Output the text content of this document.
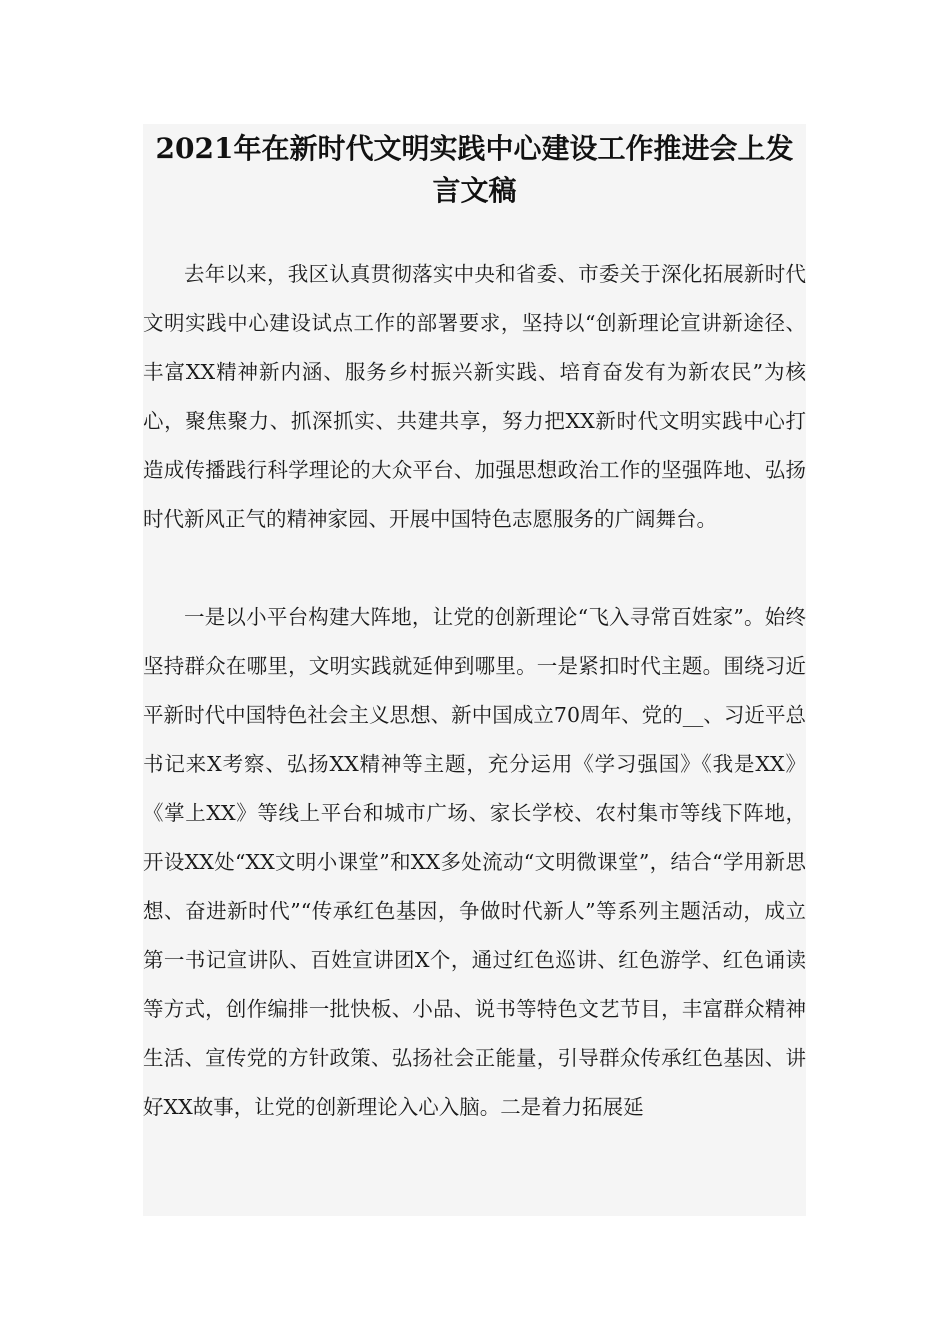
2021年在新时代文明实践中心建设工作推进会上发言文稿

去年以来，我区认真贯彻落实中央和省委、市委关于深化拓展新时代文明实践中心建设试点工作的部署要求，坚持以“创新理论宣讲新途径、丰富XX精神新内涵、服务乡村振兴新实践、培育奋发有为新农民”为核心，聚焦聚力、抓深抓实、共建共享，努力把XX新时代文明实践中心打造成传播践行科学理论的大众平台、加强思想政治工作的坚强阵地、弘扬时代新风正气的精神家园、开展中国特色志愿服务的广阔舞台。

一是以小平台构建大阵地，让党的创新理论“飞入寻常百姓家”。始终坚持群众在哪里，文明实践就延伸到哪里。一是紧扣时代主题。围绕习近平新时代中国特色社会主义思想、新中国成立70周年、党的__、习近平总书记来X考察、弘扬XX精神等主题，充分运用《学习强国》《我是XX》《掌上XX》等线上平台和城市广场、家长学校、农村集市等线下阵地，开设XX处“XX文明小课堂”和XX多处流动“文明微课堂”，结合“学用新思想、奋进新时代”“传承红色基因，争做时代新人”等系列主题活动，成立第一书记宣讲队、百姓宣讲团X个，通过红色巡讲、红色游学、红色诵读等方式，创作编排一批快板、小品、说书等特色文艺节目，丰富群众精神生活、宣传党的方针政策、弘扬社会正能量，引导群众传承红色基因、讲好XX故事，让党的创新理论入心入脑。二是着力拓展延
